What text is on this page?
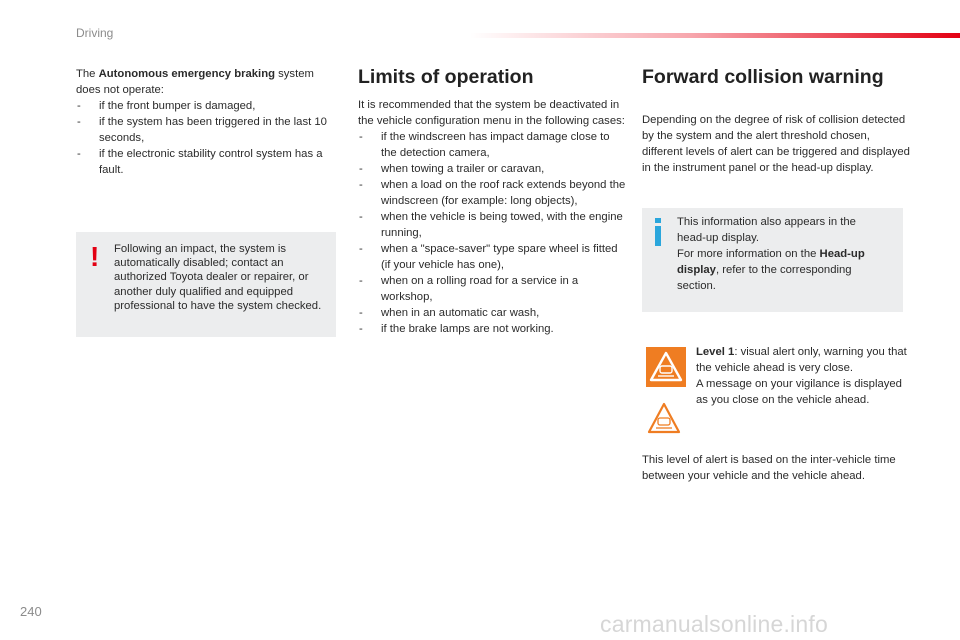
Driving

The Autonomous emergency braking system does not operate:

- if the front bumper is damaged,
- if the system has been triggered in the last 10 seconds,
- if the electronic stability control system has a fault.
! Following an impact, the system is automatically disabled; contact an authorized Toyota dealer or repairer, or another duly qualified and equipped professional to have the system checked.
Limits of operation

It is recommended that the system be deactivated in the vehicle configuration menu in the following cases:

- if the windscreen has impact damage close to the detection camera,
- when towing a trailer or caravan,
- when a load on the roof rack extends beyond the windscreen (for example: long objects),
- when the vehicle is being towed, with the engine running,
- when a "space-saver" type spare wheel is fitted (if your vehicle has one),
- when on a rolling road for a service in a workshop,
- when in an automatic car wash,
- if the brake lamps are not working.
Forward collision warning

Depending on the degree of risk of collision detected by the system and the alert threshold chosen, different levels of alert can be triggered and displayed in the instrument panel or the head-up display.

This information also appears in the head-up display.
For more information on the Head-up display, refer to the corresponding section.
Level 1: visual alert only, warning you that the vehicle ahead is very close.
A message on your vigilance is displayed as you close on the vehicle ahead.
This level of alert is based on the inter-vehicle time between your vehicle and the vehicle ahead.
240	carmanualsonline.info
